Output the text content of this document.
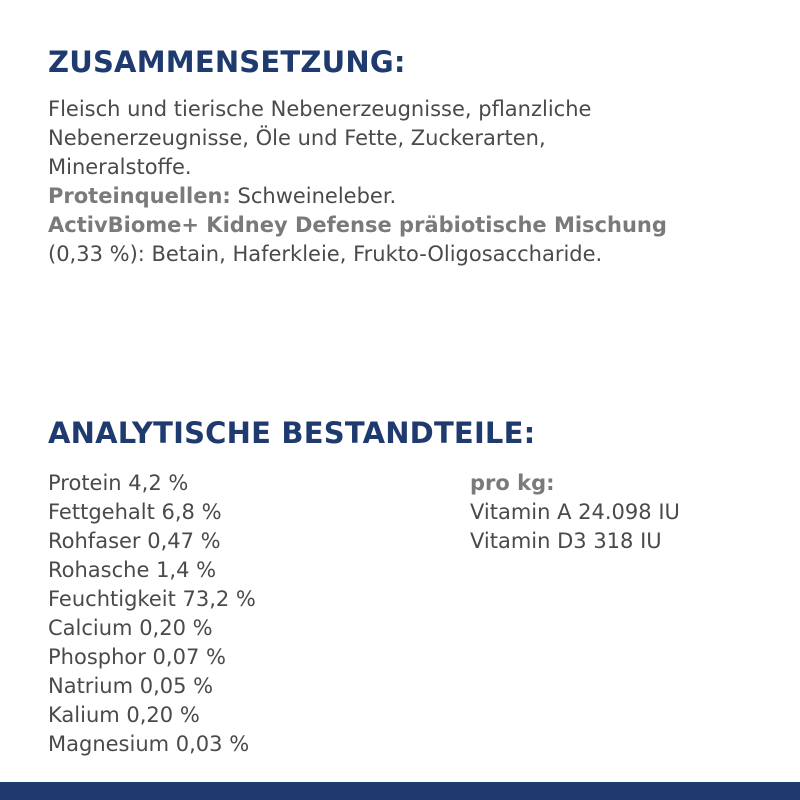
ZUSAMMENSETZUNG:

Fleisch und tierische Nebenerzeugnisse, pflanzliche

Nebenerzeugnisse, Öle und Fette, Zuckerarten,

Mineralstoffe.

Proteinquellen: Schweineleber.

ActivBiome+ Kidney Defense präbiotische Mischung

(0,33 %): Betain, Haferkleie, Frukto-Oligosaccharide.

ANALYTISCHE BESTANDTEILE:
Protein 4,2 %
Fettgehalt 6,8 %
Rohfaser 0,47 %
Rohasche 1,4 %
Feuchtigkeit 73,2 %
Calcium 0,20 %
Phosphor 0,07 %
Natrium 0,05 %
Kalium 0,20 %
Magnesium 0,03 %
pro kg:
Vitamin A 24.098 IU
Vitamin D3 318 IU
